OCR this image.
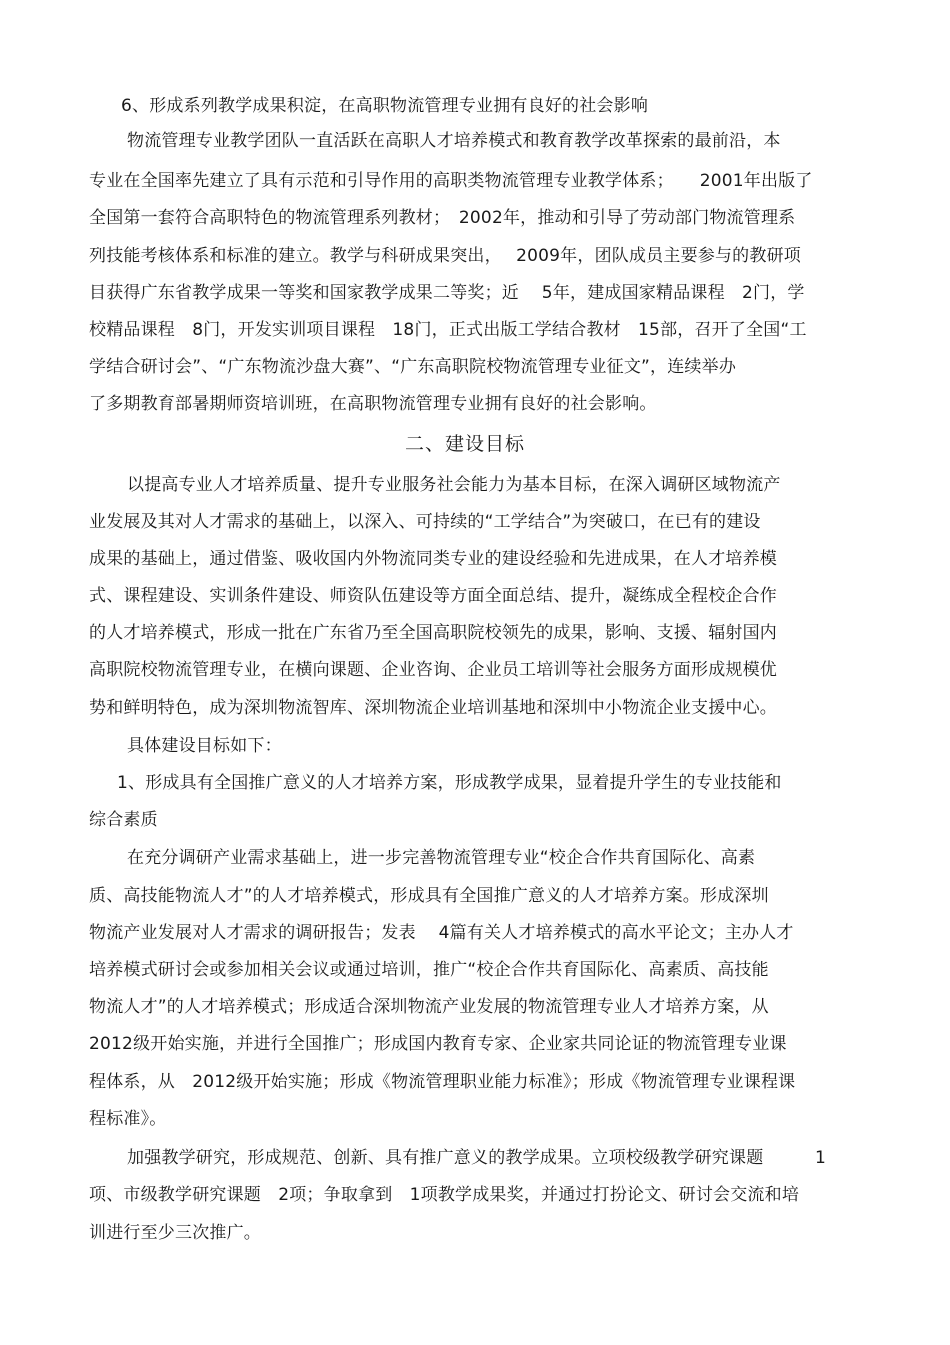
6、形成系列教学成果积淀，在高职物流管理专业拥有良好的社会影响
物流管理专业教学团队一直活跃在高职人才培养模式和教育教学改革探索的最前沿，本
专业在全国率先建立了具有示范和引导作用的高职类物流管理专业教学体系；　　2001年出版了
全国第一套符合高职特色的物流管理系列教材；　2002年，推动和引导了劳动部门物流管理系
列技能考核体系和标准的建立。教学与科研成果突出，　 2009年，团队成员主要参与的教研项
目获得广东省教学成果一等奖和国家教学成果二等奖；近　 5年，建成国家精品课程　2门，学
校精品课程　8门，开发实训项目课程　18门，正式出版工学结合教材　15部，召开了全国“工
学结合研讨会”、“广东物流沙盘大赛”、“广东高职院校物流管理专业征文”，连续举办
了多期教育部暑期师资培训班，在高职物流管理专业拥有良好的社会影响。
二、建设目标
以提高专业人才培养质量、提升专业服务社会能力为基本目标，在深入调研区域物流产
业发展及其对人才需求的基础上，以深入、可持续的“工学结合”为突破口，在已有的建设
成果的基础上，通过借鉴、吸收国内外物流同类专业的建设经验和先进成果，在人才培养模
式、课程建设、实训条件建设、师资队伍建设等方面全面总结、提升，凝练成全程校企合作
的人才培养模式，形成一批在广东省乃至全国高职院校领先的成果，影响、支援、辐射国内
高职院校物流管理专业，在横向课题、企业咨询、企业员工培训等社会服务方面形成规模优
势和鲜明特色，成为深圳物流智库、深圳物流企业培训基地和深圳中小物流企业支援中心。
具体建设目标如下：
1、形成具有全国推广意义的人才培养方案，形成教学成果，显着提升学生的专业技能和
综合素质
在充分调研产业需求基础上，进一步完善物流管理专业“校企合作共育国际化、高素
质、高技能物流人才”的人才培养模式，形成具有全国推广意义的人才培养方案。形成深圳
物流产业发展对人才需求的调研报告；发表　 4篇有关人才培养模式的高水平论文；主办人才
培养模式研讨会或参加相关会议或通过培训，推广“校企合作共育国际化、高素质、高技能
物流人才”的人才培养模式；形成适合深圳物流产业发展的物流管理专业人才培养方案，从
2012级开始实施，并进行全国推广；形成国内教育专家、企业家共同论证的物流管理专业课
程体系，从　2012级开始实施；形成《物流管理职业能力标准》；形成《物流管理专业课程课
程标准》。
加强教学研究，形成规范、创新、具有推广意义的教学成果。立项校级教学研究课题　　　1
项、市级教学研究课题　2项；争取拿到　1项教学成果奖，并通过打扮论文、研讨会交流和培
训进行至少三次推广。
